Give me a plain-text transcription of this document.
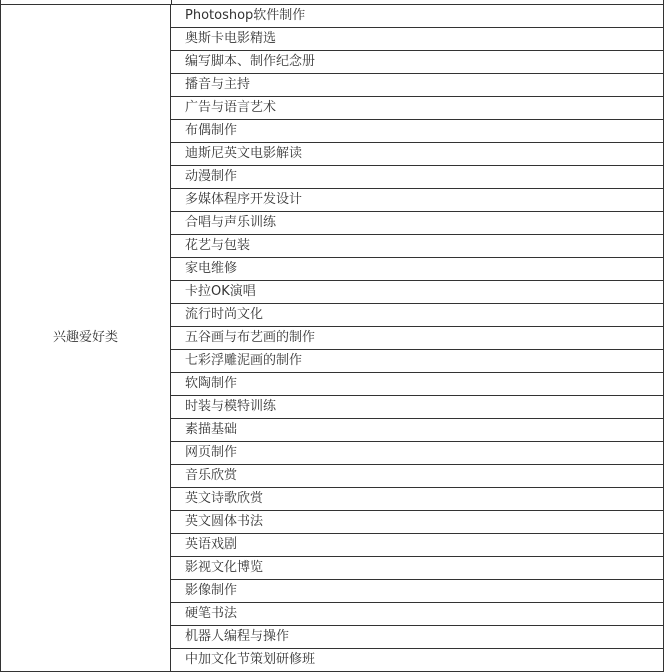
兴趣爱好类	Photoshop软件制作
奥斯卡电影精选
编写脚本、制作纪念册
播音与主持
广告与语言艺术
布偶制作
迪斯尼英文电影解读
动漫制作
多媒体程序开发设计
合唱与声乐训练
花艺与包装
家电维修
卡拉OK演唱
流行时尚文化
五谷画与布艺画的制作
七彩浮雕泥画的制作
软陶制作
时装与模特训练
素描基础
网页制作
音乐欣赏
英文诗歌欣赏
英文圆体书法
英语戏剧
影视文化博览
影像制作
硬笔书法
机器人编程与操作
中加文化节策划研修班
